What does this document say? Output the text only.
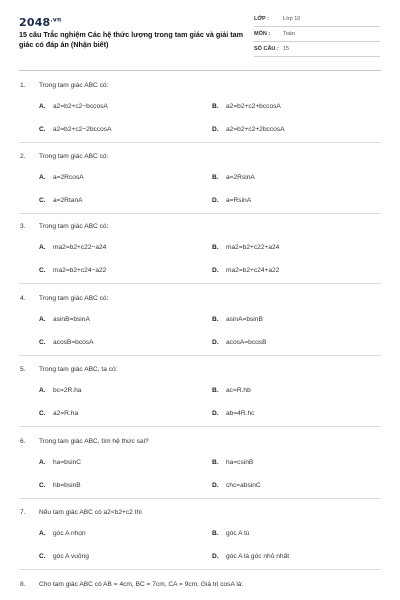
$2048^{.vn}$
15 câu Trắc nghiệm Các hệ thức lượng trong tam giác và giải tam giác có đáp án (Nhận biết)
LỚP :	Lớp 10
MÔN : Toán
SỐ CÂU : 15
1. Trong tam giác ABC có:
A. a2=b2+c2−bccosA	B. a2=b2+c2+bccosA
C. a2=b2+c2−2bccosA	D. a2=b2+c2+2bccosA
2. Trong tam giác ABC có:
A. a=2RcosA	B. a=2RsinA
C. a=2RtanA	D. a=RsinA
3. Trong tam giác ABC có:
A. ma2=b2+c22−a24	B. ma2=b2+c22+a24
C. ma2=b2+c24−a22	D. ma2=b2+c24+a22
4. Trong tam giác ABC có:
A. asinB=bsinA	B. asinA=bsinB
C. acosB=bcosA	D. acosA=bcosB
5. Trong tam giác ABC, ta có:
A. bc=2R.ha	B. ac=R.hb
C. a2=R.ha	D. ab=4R.hc
6. Trong tam giác ABC, tìm hệ thức sai?
A. ha=bsinC	B. ha=csinB
C. hb=bsinB	D. chc=absinC
7. Nếu tam giác ABC có a2<b2+c2 thì
A. góc A nhọn	B. góc A tù
C. góc A vuông	D. góc A là góc nhỏ nhất
8. Cho tam giác ABC có AB = 4cm, BC = 7cm, CA = 9cm. Giá trị cosA là:
